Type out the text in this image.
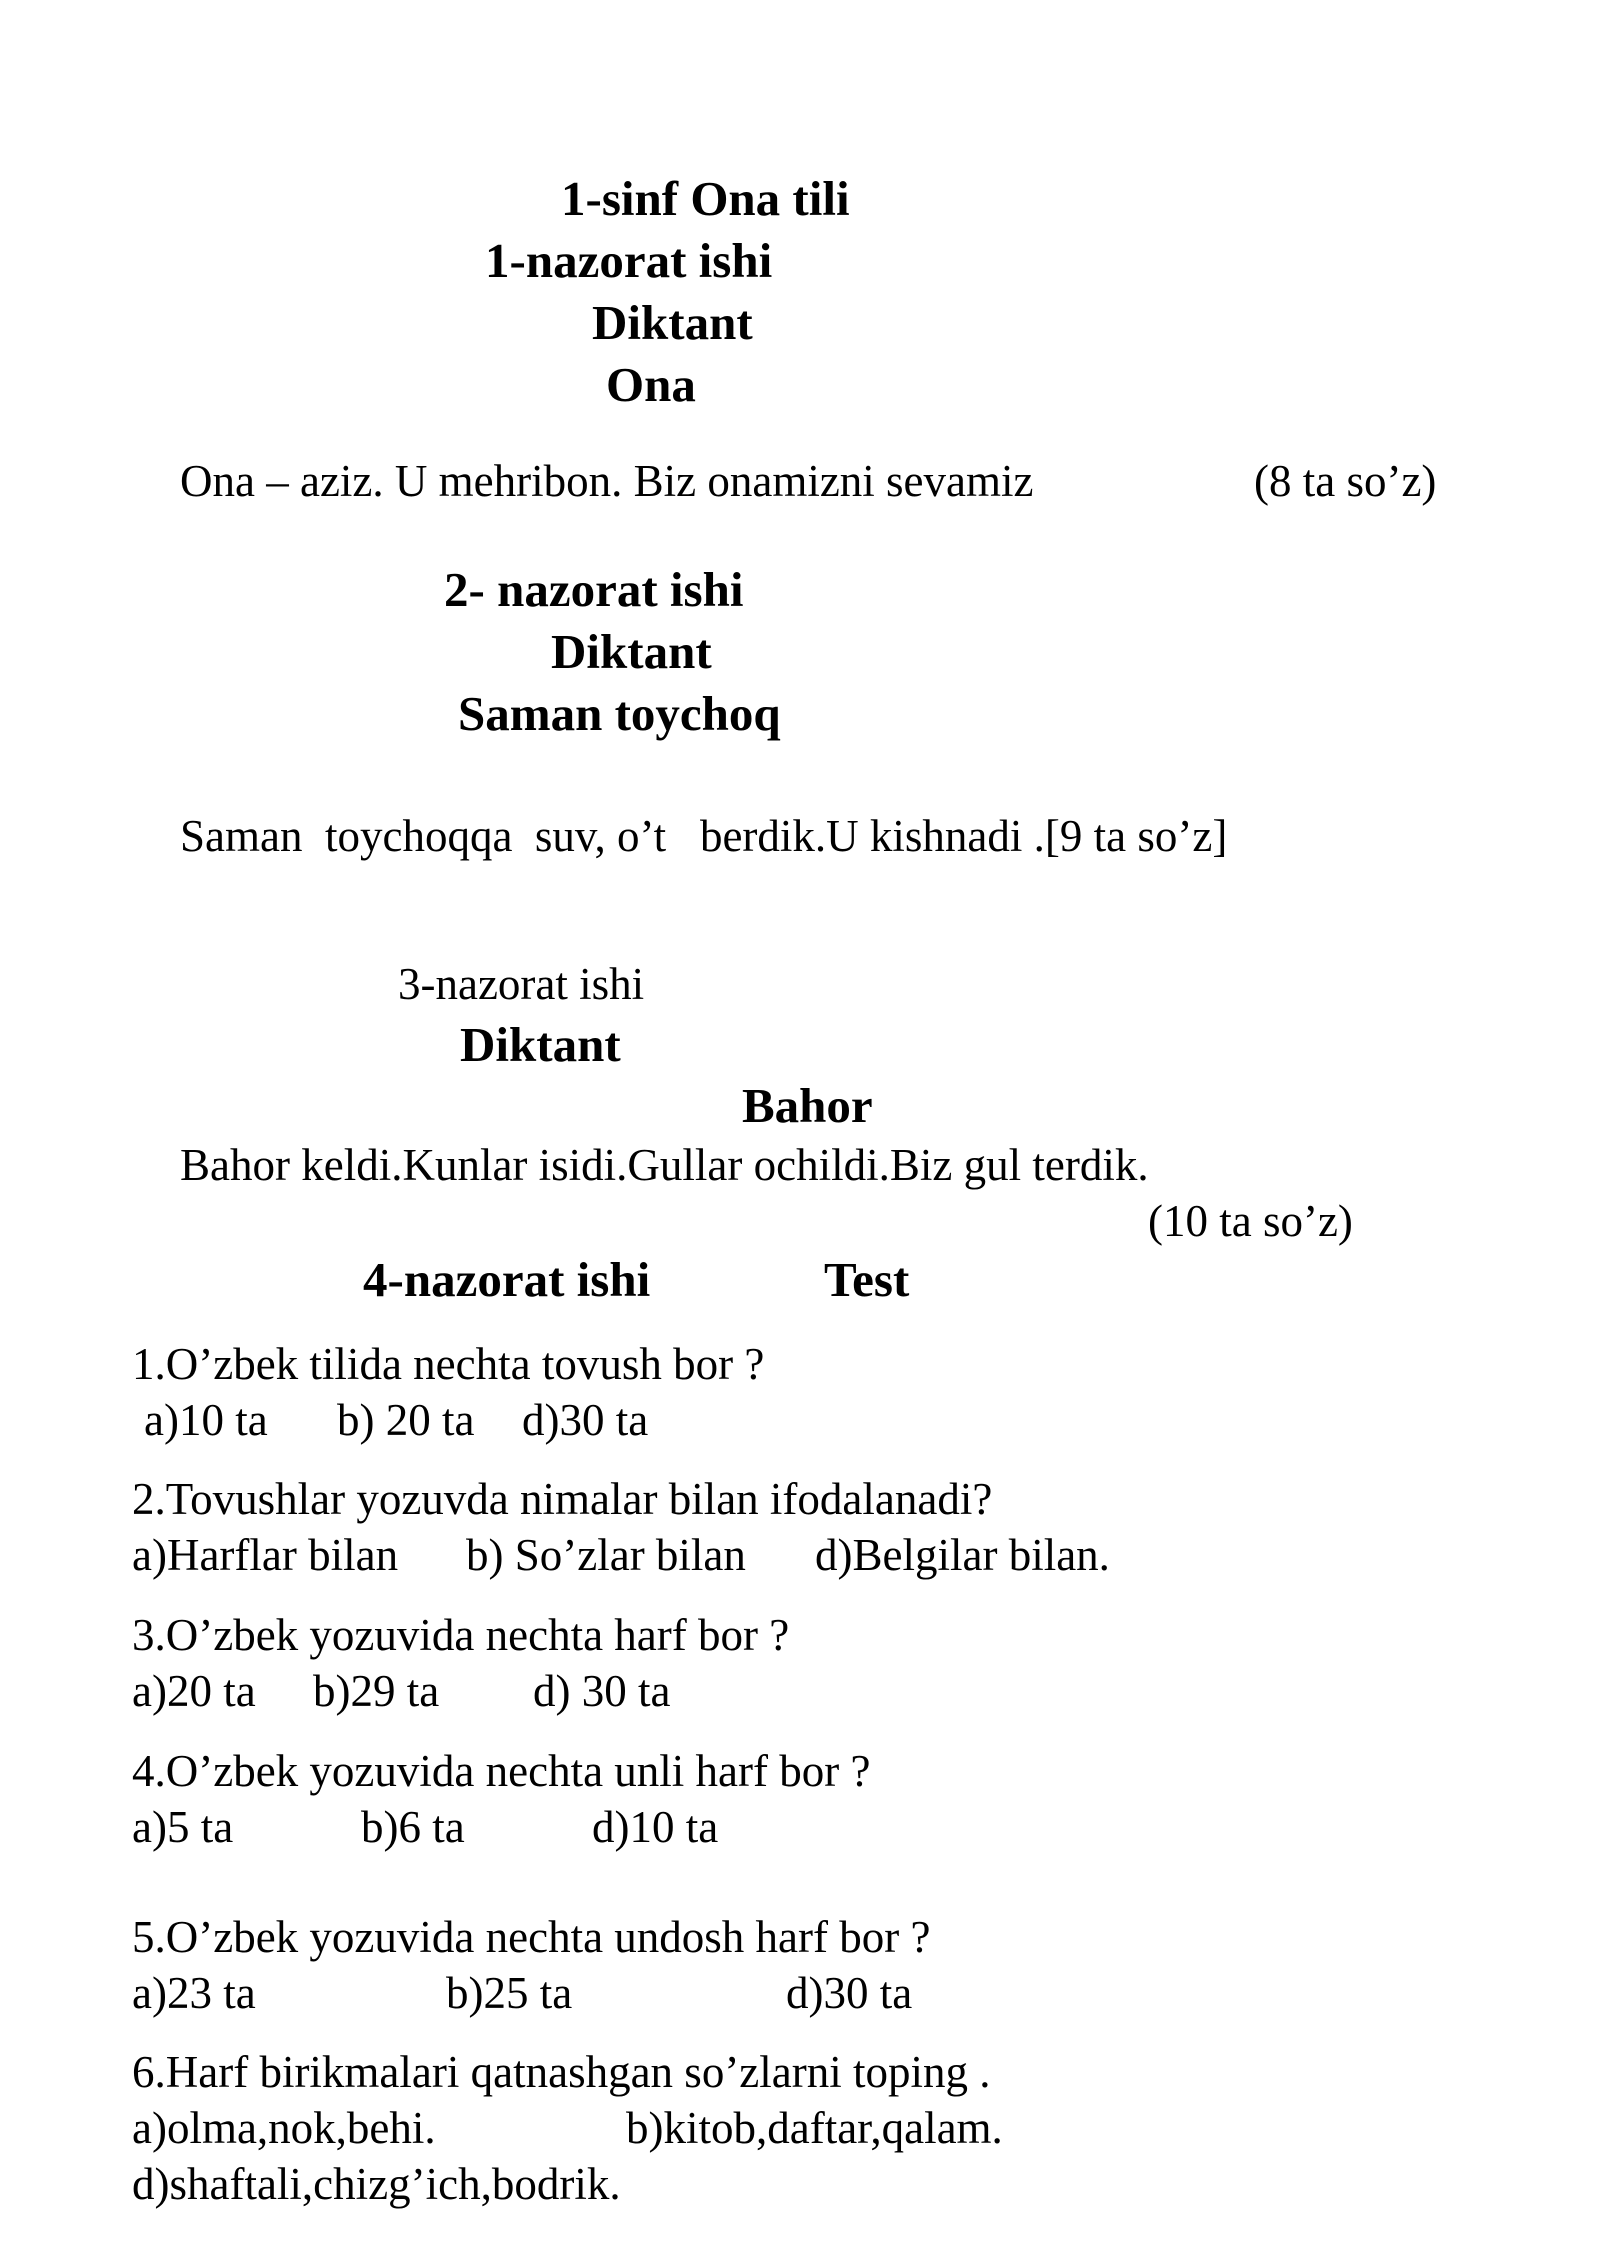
1-sinf Ona tili
1-nazorat ishi
Diktant
Ona
Ona – aziz. U mehribon. Biz onamizni sevamiz	(8 ta so’z)
2- nazorat ishi
Diktant
Saman toychoq
Saman  toychoqqa  suv, o’t   berdik.U kishnadi .[9 ta so’z]
3-nazorat ishi
Diktant
Bahor
Bahor keldi.Kunlar isidi.Gullar ochildi.Biz gul terdik.
(10 ta so’z)
4-nazorat ishi	Test
1.O’zbek tilida nechta tovush bor ?
a)10 ta b) 20 ta d)30 ta
2.Tovushlar yozuvda nimalar bilan ifodalanadi?
a)Harflar bilan b) So’zlar bilan d)Belgilar bilan.
3.O’zbek yozuvida nechta harf bor ?
a)20 ta b)29 ta d) 30 ta
4.O’zbek yozuvida nechta unli harf bor ?
a)5 ta	b)6 ta	d)10 ta
5.O’zbek yozuvida nechta undosh harf bor ?
a)23 ta	b)25 ta	d)30 ta
6.Harf birikmalari qatnashgan so’zlarni toping .
a)olma,nok,behi.	b)kitob,daftar,qalam.
d)shaftali,chizg’ich,bodrik.
